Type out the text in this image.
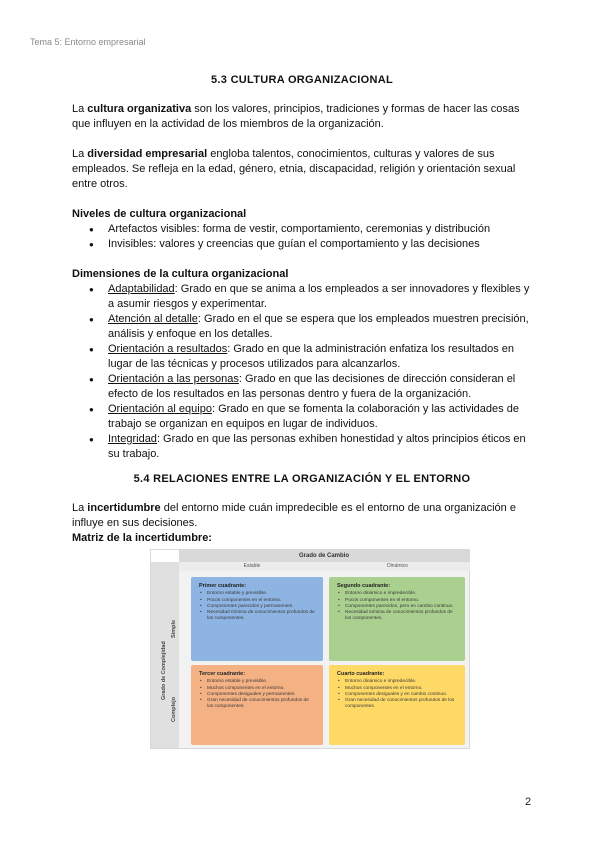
Tema 5: Entorno empresarial
5.3 CULTURA ORGANIZACIONAL

La cultura organizativa son los valores, principios, tradiciones y formas de hacer las cosas que influyen en la actividad de los miembros de la organización.

La diversidad empresarial engloba talentos, conocimientos, culturas y valores de sus empleados. Se refleja en la edad, género, etnia, discapacidad, religión y orientación sexual entre otros.

Niveles de cultura organizacional
● Artefactos visibles: forma de vestir, comportamiento, ceremonias y distribución
● Invisibles: valores y creencias que guían el comportamiento y las decisiones
Dimensiones de la cultura organizacional
● Adaptabilidad: Grado en que se anima a los empleados a ser innovadores y flexibles y a asumir riesgos y experimentar.
● Atención al detalle: Grado en el que se espera que los empleados muestren precisión, análisis y enfoque en los detalles.
● Orientación a resultados: Grado en que la administración enfatiza los resultados en lugar de las técnicas y procesos utilizados para alcanzarlos.
● Orientación a las personas: Grado en que las decisiones de dirección consideran el efecto de los resultados en las personas dentro y fuera de la organización.
● Orientación al equipo: Grado en que se fomenta la colaboración y las actividades de trabajo se organizan en equipos en lugar de individuos.
● Integridad: Grado en que las personas exhiben honestidad y altos principios éticos en su trabajo.
5.4 RELACIONES ENTRE LA ORGANIZACIÓN Y EL ENTORNO

La incertidumbre del entorno mide cuán impredecible es el entorno de una organización e influye en sus decisiones.

Matriz de la incertidumbre:
Grado de Cambio
Estable	Dinámico
Grado de Complejidad
Simple
Complejo
Primer cuadrante:
• Entorno estable y previsible.
• Pocos componentes en el entorno.
• Componentes parecidos y permanentes.
• Necesidad mínima de conocimientos profundos de los componentes.
Segundo cuadrante:
• Entorno dinámico e impredecible.
• Pocos componentes en el entorno.
• Componentes parecidos, pero en cambio continuo.
• Necesidad mínima de conocimientos profundos de los componentes.
Tercer cuadrante:
• Entorno estable y previsible.
• Muchos componentes en el entorno.
• Componentes desiguales y permanentes.
• Gran necesidad de conocimientos profundos de los componentes.
Cuarto cuadrante:
• Entorno dinámico e impredecible.
• Muchos componentes en el entorno.
• Componentes desiguales y en cambio continuo.
• Gran necesidad de conocimientos profundos de los componentes.
2
